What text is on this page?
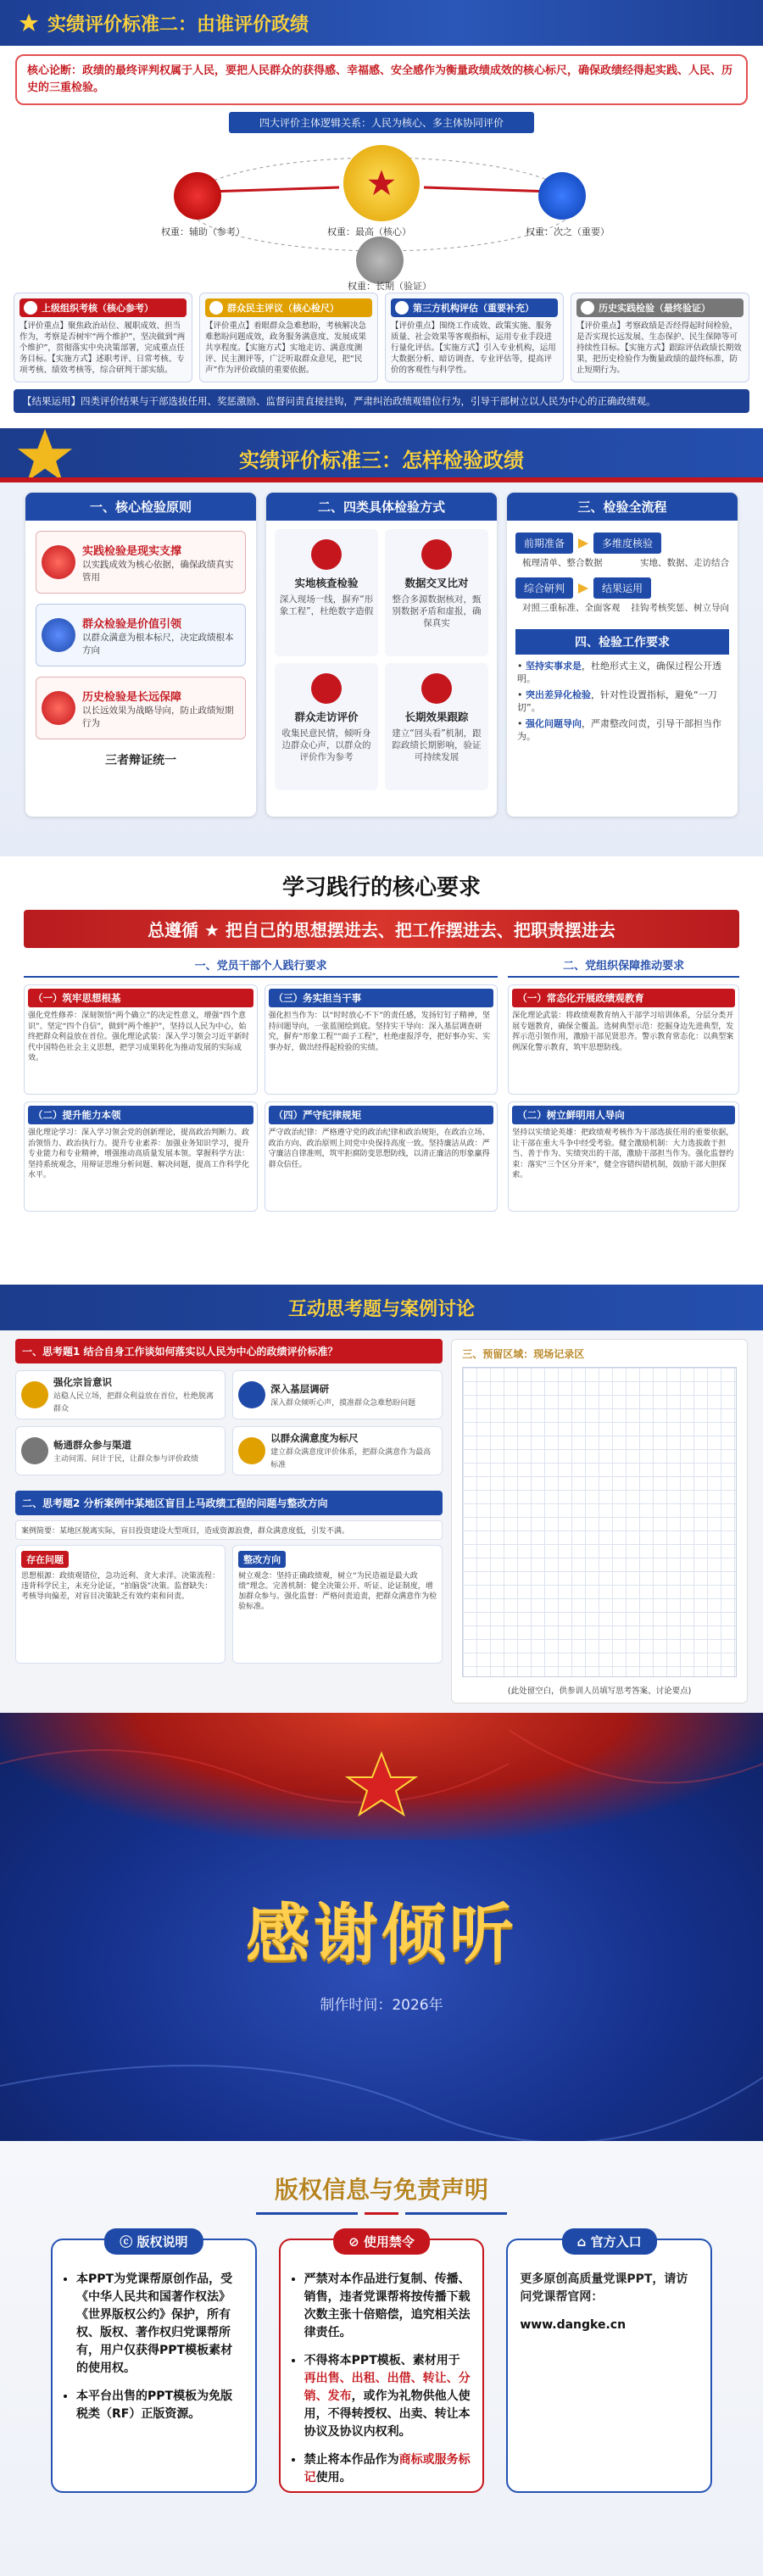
实绩评价标准二：由谁评价政绩
核心论断：政绩的最终评判权属于人民，要把人民群众的获得感、幸福感、安全感作为衡量政绩成效的核心标尺，确保政绩经得起实践、人民、历史的三重检验。
四大评价主体逻辑关系：人民为核心、多主体协同评价
权重：辅助（参考）	权重：最高（核心）	权重：次之（重要）
权重：长期（验证）
上级组织考核（核心参考）

【评价重点】聚焦政治站位、履职成效、担当作为，考察是否树牢“两个维护”，坚决做到“两个维护”，贯彻落实中央决策部署，完成重点任务目标。【实施方式】述职考评、日常考核、专项考核、绩效考核等，综合研判干部实绩。

群众民主评议（核心检尺）

【评价重点】着眼群众急难愁盼，考核解决急难愁盼问题成效，政务服务满意度、发展成果共享程度。【实施方式】实地走访、满意度测评、民主测评等，广泛听取群众意见，把“民声”作为评价政绩的重要依据。

第三方机构评估（重要补充）

【评价重点】围绕工作成效、政策实施、服务质量、社会效果等客观指标，运用专业手段进行量化评估。【实施方式】引入专业机构，运用大数据分析、暗访调查、专业评估等，提高评价的客观性与科学性。

历史实践检验（最终验证）

【评价重点】考察政绩是否经得起时间检验，是否实现长远发展、生态保护、民生保障等可持续性目标。【实施方式】跟踪评估政绩长期效果，把历史检验作为衡量政绩的最终标准，防止短期行为。

【结果运用】四类评价结果与干部选拔任用、奖惩激励、监督问责直接挂钩，严肃纠治政绩观错位行为，引导干部树立以人民为中心的正确政绩观。
实绩评价标准三：怎样检验政绩
一、核心检验原则
实践检验是现实支撑
以实践成效为核心依据，确保政绩真实管用
群众检验是价值引领
以群众满意为根本标尺，决定政绩根本方向
历史检验是长远保障
以长远效果为战略导向，防止政绩短期行为
三者辩证统一
二、四类具体检验方式
实地核查检验
深入现场一线，摒弃“形象工程”，杜绝数字造假
数据交叉比对
整合多源数据核对，甄别数据矛盾和虚报，确保真实
群众走访评价
收集民意民情，倾听身边群众心声，以群众的评价作为参考
长期效果跟踪
建立“回头看”机制，跟踪政绩长期影响，验证可持续发展
三、检验全流程
前期准备	多维度核验
梳理清单、整合数据	实地、数据、走访结合
综合研判	结果运用
对照三重标准、全面客观 挂钩考核奖惩、树立导向
四、检验工作要求
• 坚持实事求是，杜绝形式主义，确保过程公开透明。
• 突出差异化检验，针对性设置指标，避免“一刀切”。
• 强化问题导向，严肃整改问责，引导干部担当作为。
学习践行的核心要求
总遵循 ★ 把自己的思想摆进去、把工作摆进去、把职责摆进去
一、党员干部个人践行要求
（一）筑牢思想根基

强化党性修养：深刻领悟“两个确立”的决定性意义，增强“四个意识”、坚定“四个自信”，做到“两个维护”，坚持以人民为中心，始终把群众利益放在首位。强化理论武装：深入学习领会习近平新时代中国特色社会主义思想，把学习成果转化为推动发展的实际成效。

（三）务实担当干事

强化担当作为：以“时时放心不下”的责任感，发扬钉钉子精神，坚持问题导向，一张蓝图绘到底。坚持实干导向：深入基层调查研究，摒弃“形象工程”“面子工程”，杜绝虚报浮夸，把好事办实、实事办好，做出经得起检验的实绩。

（二）提升能力本领

强化理论学习：深入学习领会党的创新理论，提高政治判断力、政治领悟力、政治执行力。提升专业素养：加强业务知识学习，提升专业能力和专业精神，增强推动高质量发展本领。掌握科学方法：坚持系统观念，用辩证思维分析问题、解决问题，提高工作科学化水平。

（四）严守纪律规矩

严守政治纪律：严格遵守党的政治纪律和政治规矩，在政治立场、政治方向、政治原则上同党中央保持高度一致。坚持廉洁从政：严守廉洁自律准则，筑牢拒腐防变思想防线，以清正廉洁的形象赢得群众信任。

二、党组织保障推动要求
（一）常态化开展政绩观教育

深化理论武装：将政绩观教育纳入干部学习培训体系，分层分类开展专题教育，确保全覆盖。选树典型示范：挖掘身边先进典型，发挥示范引领作用，激励干部见贤思齐。警示教育常态化：以典型案例深化警示教育，筑牢思想防线。

（二）树立鲜明用人导向

坚持以实绩论英雄：把政绩观考核作为干部选拔任用的重要依据，让干部在重大斗争中经受考验。健全激励机制：大力选拔敢于担当、善于作为、实绩突出的干部，激励干部担当作为。强化监督约束：落实“三个区分开来”，健全容错纠错机制，鼓励干部大胆探索。

互动思考题与案例讨论
一、思考题1 结合自身工作谈如何落实以人民为中心的政绩评价标准？
强化宗旨意识
站稳人民立场，把群众利益放在首位，杜绝脱离群众
深入基层调研
深入群众倾听心声，摸准群众急难愁盼问题
畅通群众参与渠道
主动问需、问计于民，让群众参与评价政绩
以群众满意度为标尺
建立群众满意度评价体系，把群众满意作为最高标准
二、思考题2 分析案例中某地区盲目上马政绩工程的问题与整改方向
案例简要：某地区脱离实际，盲目投资建设大型项目，造成资源浪费，群众满意度低，引发不满。
存在问题

思想根源：政绩观错位，急功近利、贪大求洋。决策流程：违背科学民主，未充分论证，“拍脑袋”决策。监督缺失：考核导向偏差，对盲目决策缺乏有效约束和问责。

整改方向

树立观念：坚持正确政绩观，树立“为民造福是最大政绩”理念。完善机制：健全决策公开、听证、论证制度，增加群众参与。强化监督：严格问责追责，把群众满意作为检验标准。

三、预留区域：现场记录区
(此处留空白，供参训人员填写思考答案、讨论要点)
感谢倾听
制作时间：2026年
版权信息与免责声明
ⓒ 版权说明
• 本PPT为党课帮原创作品，受《中华人民共和国著作权法》《世界版权公约》保护，所有权、版权、著作权归党课帮所有，用户仅获得PPT模板素材的使用权。
• 本平台出售的PPT模板为免版税类（RF）正版资源。
⊘ 使用禁令
• 严禁对本作品进行复制、传播、销售，违者党课帮将按传播下载次数主张十倍赔偿，追究相关法律责任。
• 不得将本PPT模板、素材用于再出售、出租、出借、转让、分销、发布，或作为礼物供他人使用，不得转授权、出卖、转让本协议及协议内权利。
• 禁止将本作品作为商标或服务标记使用。
⌂ 官方入口
更多原创高质量党课PPT，请访问党课帮官网：
www.dangke.cn
